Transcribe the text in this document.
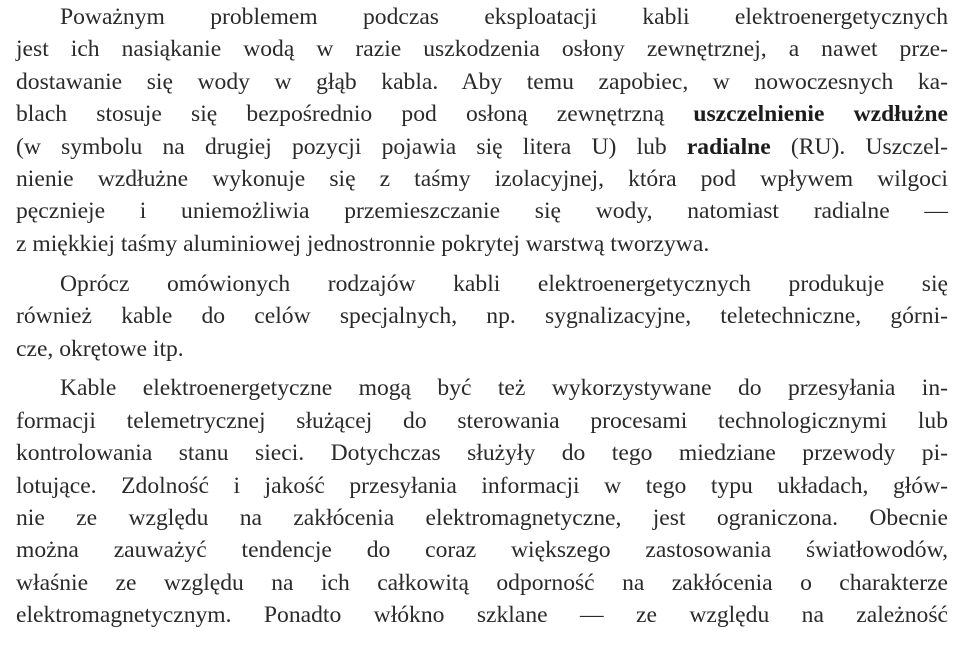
Poważnym problemem podczas eksploatacji kabli elektroenergetycznych
jest ich nasiąkanie wodą w razie uszkodzenia osłony zewnętrznej, a nawet prze-
dostawanie się wody w głąb kabla. Aby temu zapobiec, w nowoczesnych ka-
blach stosuje się bezpośrednio pod osłoną zewnętrzną uszczelnienie wzdłużne
(w symbolu na drugiej pozycji pojawia się litera U) lub radialne (RU). Uszczel-
nienie wzdłużne wykonuje się z taśmy izolacyjnej, która pod wpływem wilgoci
pęcznieje i uniemożliwia przemieszczanie się wody, natomiast radialne —
z miękkiej taśmy aluminiowej jednostronnie pokrytej warstwą tworzywa.
Oprócz omówionych rodzajów kabli elektroenergetycznych produkuje się
również kable do celów specjalnych, np. sygnalizacyjne, teletechniczne, górni-
cze, okrętowe itp.
Kable elektroenergetyczne mogą być też wykorzystywane do przesyłania in-
formacji telemetrycznej służącej do sterowania procesami technologicznymi lub
kontrolowania stanu sieci. Dotychczas służyły do tego miedziane przewody pi-
lotujące. Zdolność i jakość przesyłania informacji w tego typu układach, głów-
nie ze względu na zakłócenia elektromagnetyczne, jest ograniczona. Obecnie
można zauważyć tendencje do coraz większego zastosowania światłowodów,
właśnie ze względu na ich całkowitą odporność na zakłócenia o charakterze
elektromagnetycznym. Ponadto włókno szklane — ze względu na zależność
